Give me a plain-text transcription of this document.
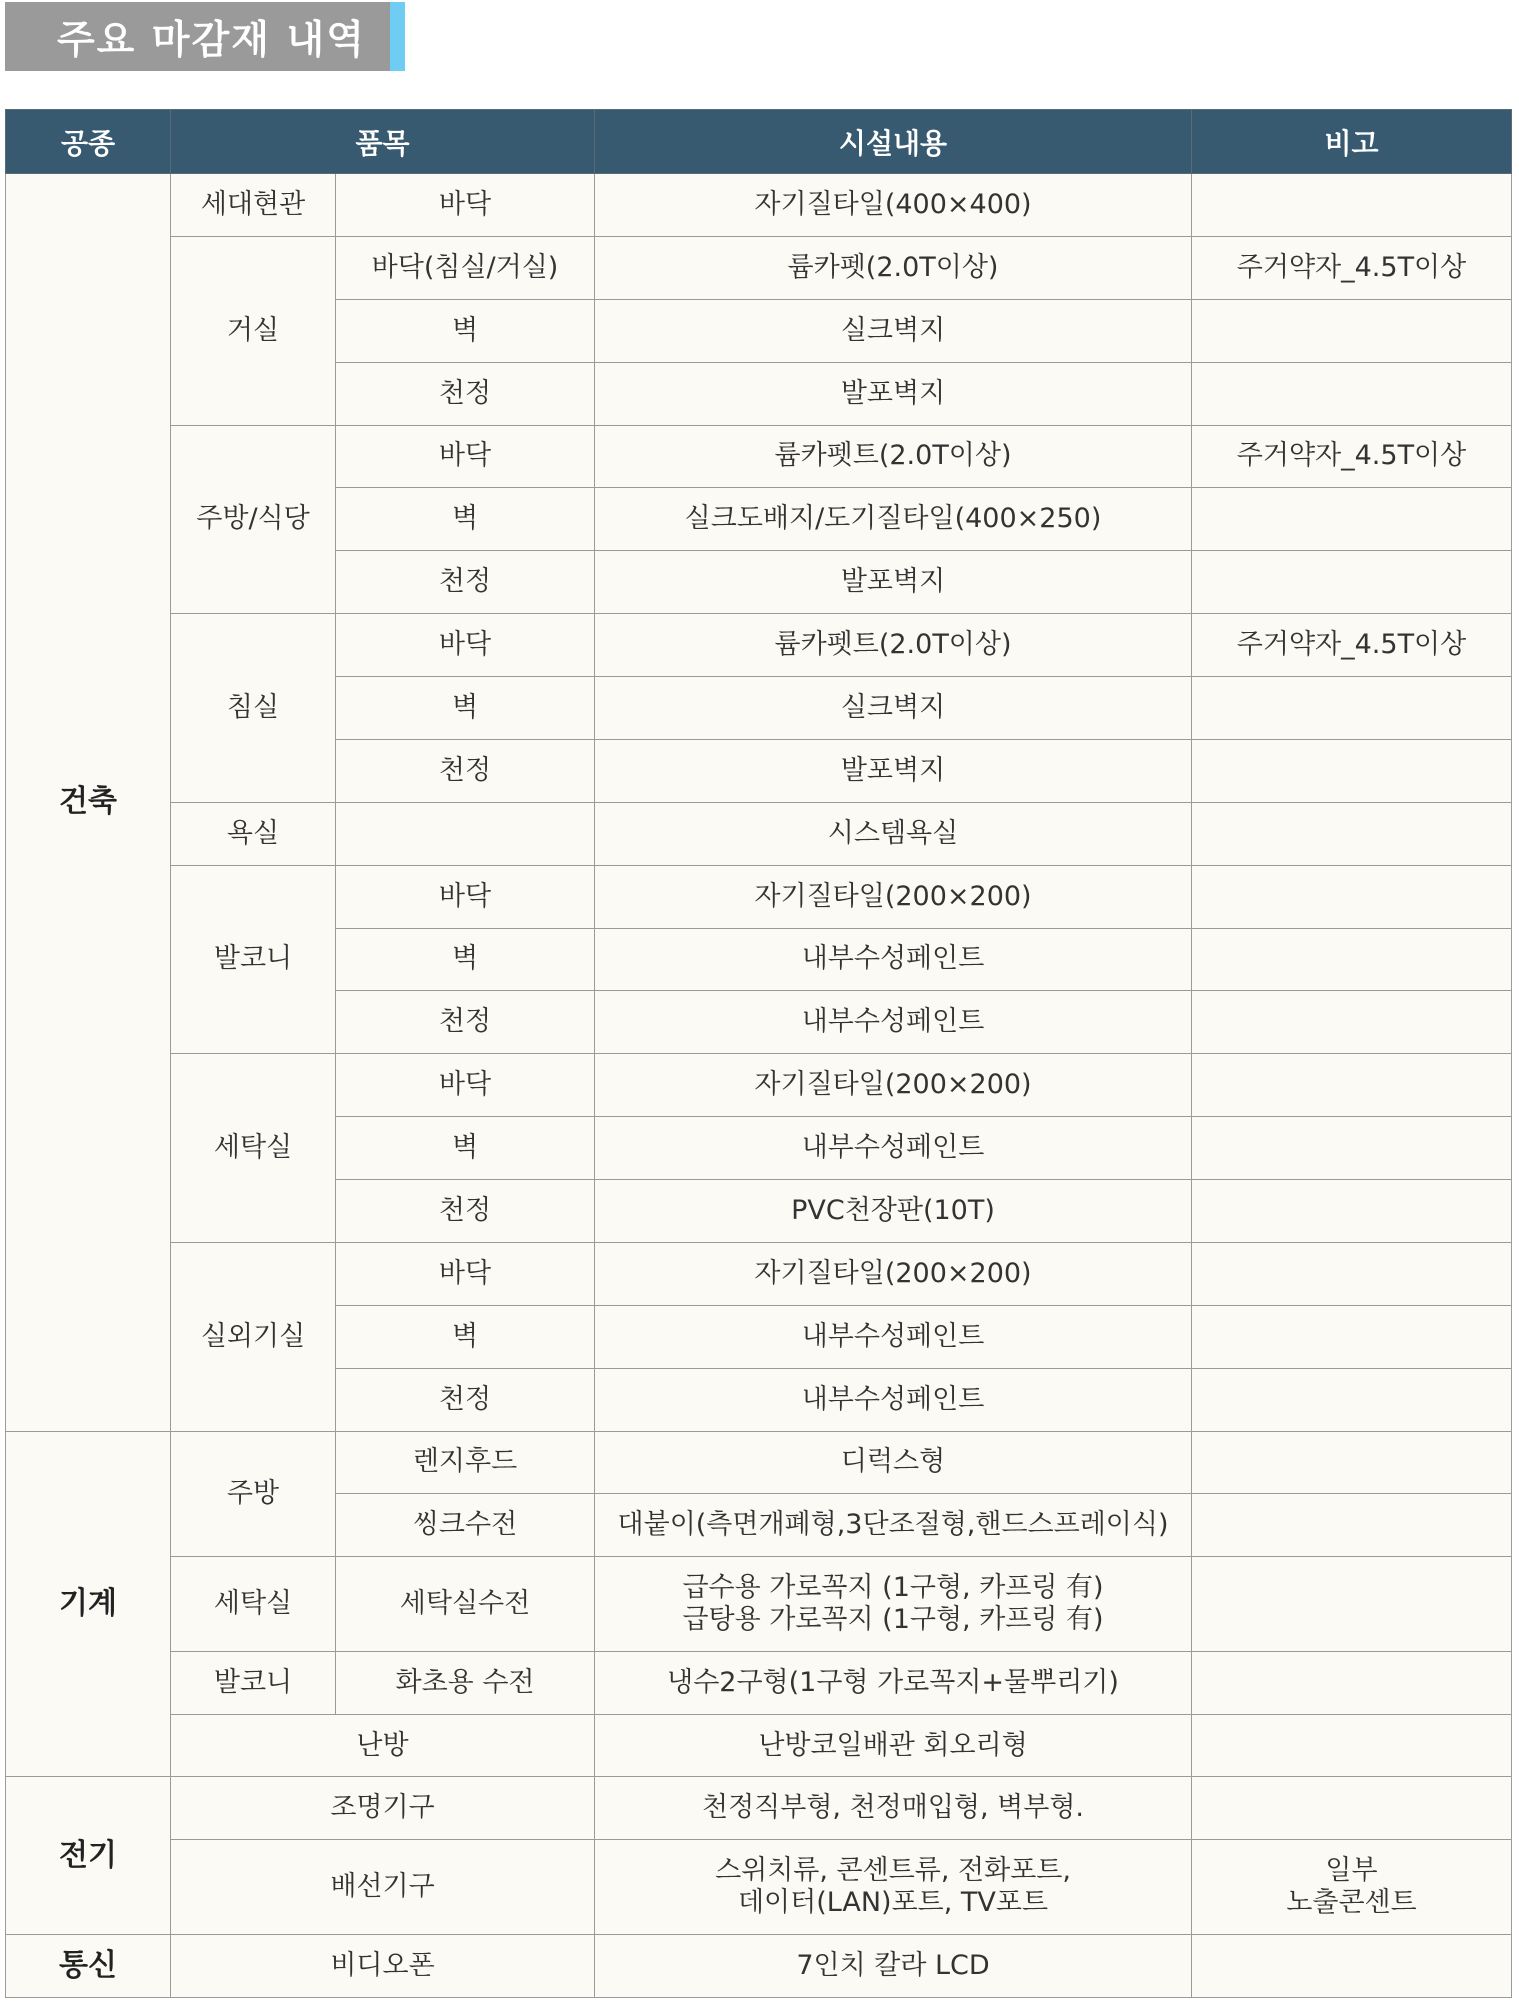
주요 마감재 내역
공종	품목		시설내용	비고
건축	세대현관	바닥	자기질타일(400×400)	
	거실	바닥(침실/거실)	륨카펫(2.0T이상)	주거약자_4.5T이상
		벽	실크벽지	
		천정	발포벽지	
	주방/식당	바닥	륨카펫트(2.0T이상)	주거약자_4.5T이상
		벽	실크도배지/도기질타일(400×250)	
		천정	발포벽지	
	침실	바닥	륨카펫트(2.0T이상)	주거약자_4.5T이상
		벽	실크벽지	
		천정	발포벽지	
	욕실		시스템욕실	
	발코니	바닥	자기질타일(200×200)	
		벽	내부수성페인트	
		천정	내부수성페인트	
	세탁실	바닥	자기질타일(200×200)	
		벽	내부수성페인트	
		천정	PVC천장판(10T)	
	실외기실	바닥	자기질타일(200×200)	
		벽	내부수성페인트	
		천정	내부수성페인트	
기계	주방	렌지후드	디럭스형	
		씽크수전	대붙이(측면개폐형,3단조절형,핸드스프레이식)	
	세탁실	세탁실수전	급수용 가로꼭지 (1구형, 카프링 有)
급탕용 가로꼭지 (1구형, 카프링 有)	

	발코니	화초용 수전	냉수2구형(1구형 가로꼭지+물뿌리기)	
	난방		난방코일배관 회오리형	
전기	조명기구		천정직부형, 천정매입형, 벽부형.	
	배선기구		스위치류, 콘센트류, 전화포트,
데이터(LAN)포트, TV포트	일부
노출콘센트

통신	비디오폰		7인치 칼라 LCD	
